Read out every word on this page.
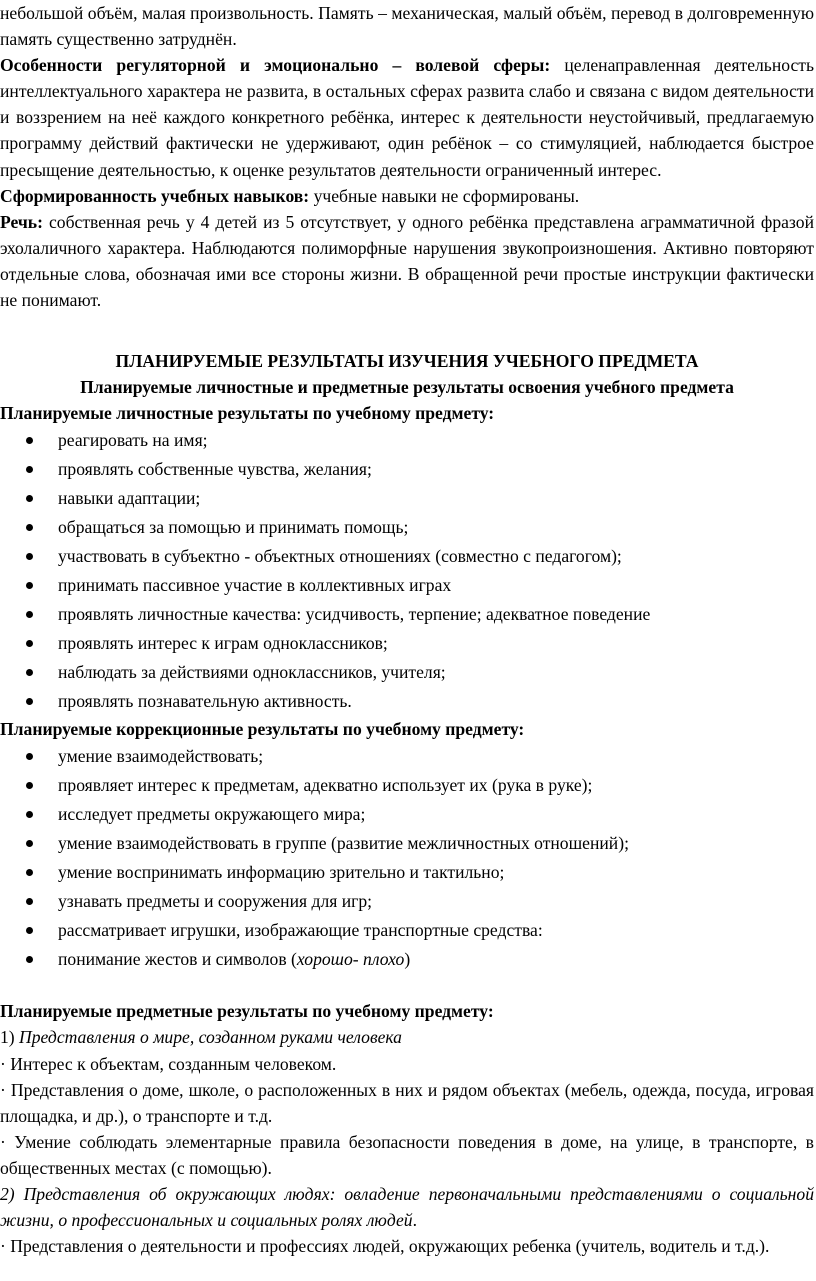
небольшой объём, малая произвольность. Память – механическая, малый объём, перевод в долговременную память существенно затруднён.

Особенности регуляторной и эмоционально – волевой сферы: целенаправленная деятельность интеллектуального характера не развита, в остальных сферах развита слабо и связана с видом деятельности и воззрением на неё каждого конкретного ребёнка, интерес к деятельности неустойчивый, предлагаемую программу действий фактически не удерживают, один ребёнок – со стимуляцией, наблюдается быстрое пресыщение деятельностью, к оценке результатов деятельности ограниченный интерес.

Сформированность учебных навыков: учебные навыки не сформированы.

Речь: собственная речь у 4 детей из 5 отсутствует, у одного ребёнка представлена аграмматичной фразой эхолаличного характера. Наблюдаются полиморфные нарушения звукопроизношения. Активно повторяют отдельные слова, обозначая ими все стороны жизни. В обращенной речи простые инструкции фактически не понимают.

ПЛАНИРУЕМЫЕ РЕЗУЛЬТАТЫ ИЗУЧЕНИЯ УЧЕБНОГО ПРЕДМЕТА

Планируемые личностные и предметные результаты освоения учебного предмета

Планируемые личностные результаты по учебному предмету:

реагировать на имя;
проявлять собственные чувства, желания;
навыки адаптации;
обращаться за помощью и принимать помощь;
участвовать в субъектно - объектных отношениях (совместно с педагогом);
принимать пассивное участие в коллективных играх
проявлять личностные качества: усидчивость, терпение; адекватное поведение
проявлять интерес к играм одноклассников;
наблюдать за действиями одноклассников, учителя;
проявлять познавательную активность.

Планируемые коррекционные результаты по учебному предмету:

умение взаимодействовать;
проявляет интерес к предметам, адекватно использует их (рука в руке);
исследует предметы окружающего мира;
умение взаимодействовать в группе (развитие межличностных отношений);
умение воспринимать информацию зрительно и тактильно;
узнавать предметы и сооружения для игр;
рассматривает игрушки, изображающие транспортные средства:
понимание жестов и символов (хорошо- плохо)

Планируемые предметные результаты по учебному предмету:

1) Представления о мире, созданном руками человека

· Интерес к объектам, созданным человеком.

· Представления о доме, школе, о расположенных в них и рядом объектах (мебель, одежда, посуда, игровая площадка, и др.), о транспорте и т.д.

· Умение соблюдать элементарные правила безопасности поведения в доме, на улице, в транспорте, в общественных местах (с помощью).

2) Представления об окружающих людях: овладение первоначальными представлениями о социальной жизни, о профессиональных и социальных ролях людей.

· Представления о деятельности и профессиях людей, окружающих ребенка (учитель, водитель и т.д.).
